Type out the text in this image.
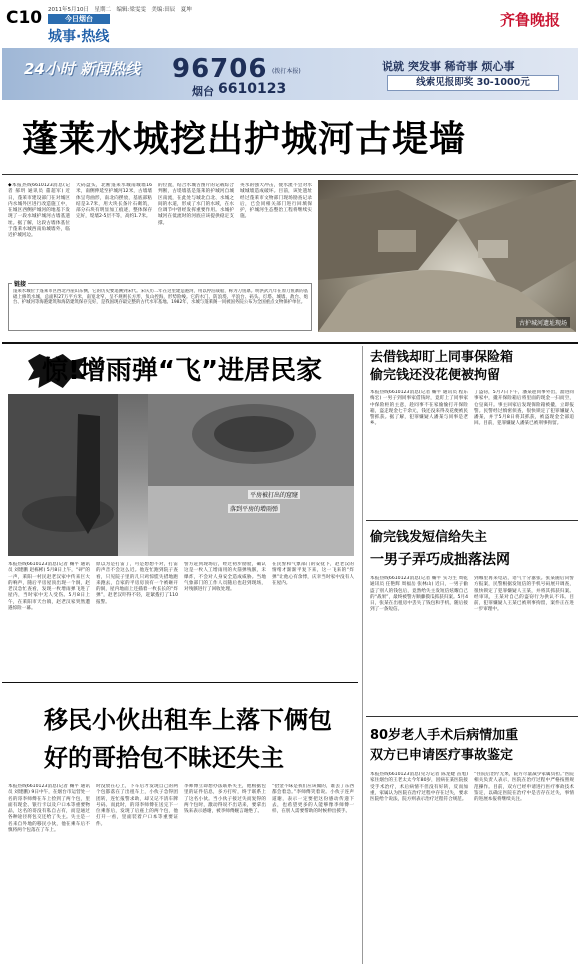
C10 2011年5月10日　星期二　编辑:梁雯雯　美编:田辰　夏坤
今日烟台
城事·热线
齐鲁晚报
24小时 新闻热线 96706 (拨打本报)
烟台 6610123
说就 突发事 稀奇事 烦心事
线索见报即奖 30-1000元
蓬莱水城挖出护城河古堤墙
◆本报热线6610123消息(记者 郝玥 通讯员 董超军) 近日，蓬莱市建设部门在对城区内水城外区进行改造施工中，在城区西侧护城河的地基下发现了一段水城护城河古墙基遗址。据了解，这段古墙体基位于蓬莱水城西南角城墙外，临近护城河边。
大码盘头，北断蓬莱水城南城墙16米，南侧伸延至护城河12米，古墙墙体呈弯曲形，南北向摆放，基底部粘结是3.7米，用大块长条片石砌筑，部分石块有明显加工痕迹，整体保存完好，堤墙2-5层不等，高约1.7米。
的位置，结合水城古图片的记载综合判断，古堤墙基是蓬莱的护城河自城区南流，在此处与城北自北、水城之间的水道，形成了水门的水域，在水位调节中曾经发挥重要作用。水城护城河在低流时的河底应该提供稳定支撑。
英水的强大冲击，使水流不会对水城城墙造成破坏。目前，该处遗址经过蓬莱市文物部门现场勘查记录后，已会同相关部门进行回填保护，护城河生态整治工程将继续实施。
链接
蓬莱水城位于蓬莱市区西北丹崖山东侧，它的历史要追溯到宋代。宋庆历二年在这里建造港湾，用以停泊战船，称为刀鱼寨。明洪武九年在原刀鱼寨的基础上修筑水城，总面积27万平方米，南宽北窄，呈不规则长方形，负山控海，形势险峻。它的水门、防浪堤、平浪台、码头、灯塔、城墙、敌台、炮台、护城河等海港建筑和海防建筑保存完好，是我国现存最完整的古代水军基地。1982年，水城与蓬莱阁一同被国务院公布为全国重点文物保护单位。
古护城河遗址现场
惊!增雨弹“飞”进居民家
平房被打出的窟窿
落到平房的增雨弹
本报热线6610123消息(记者 鞠平 通讯员 刘建鹏 赵栋彬) 5月8日上午，“砰”的一声，莱阳一村民赵老汉家中传来巨大的响声，随后平房屋顶出现一个洞，赵老汉急忙查看，发现一枚增雨弹飞进了屋内，当时家中无人受伤。5月8日上午，在莱阳市天台镇，赵老汉家突然遭遇惊险一幕。
原以为是打雷了，可是想想不对，打雷的声音不会这么近。他连忙跑到院子查看，只见院子里的几只鸡惊慌失措地跑来跑去，自家的平房房顶有一个被砸开的洞，屋内地面上还插着一枚长长的“炸弹”，赵老汉吓得不轻，赶紧拨打了110报警。
警方赶到现场后，经过初步勘验，确认这是一枚人工增雨用的火箭弹残骸，未爆炸，不会对人身安全造成威胁。当地气象部门的工作人员随后也赶到现场，对残骸进行了回收处理。
在民警和气象部门的安抚下，赵老汉的情绪才渐渐平复下来，这一飞来的“炸弹”让他心有余悸，庆幸当时家中没有人在屋内。
移民小伙出租车上落下俩包
好的哥拾包不昧还失主
本报热线6610123消息(记者 鞠平 通讯员 刘建鹏) 9日中午，在烟台市运营处一名的哥李师傅在车上捡到了两个包，里面有现金、银行卡以及户口本等重要物品，这名的哥没有私自占有，而是通过各种途径将包交还给了失主。失主是一名来自外地的移民小伙，他在乘车后不慎将两个包落在了车上。
时没放在心上，下车后才发现自己的两个包都落在了出租车上，小伙子急得团团转，连忙报警求助，却又记不清车牌号码。而此时，的哥李师傅在送完下一位乘客后，发现了后座上的两个包，他打开一看，里面装着户口本等重要证件。
李师傅立即想办法联系失主，他根据包里的证件信息，多方打听，终于联系上了这名小伙。当小伙子接过失而复得的两个包时，激动得说不出话来，要拿出钱来表示感谢，被李师傅婉言谢绝了。
“拾金不昧是我们应该做的，谁丢了东西都会着急。”李师傅笑着说。小伙子连声道谢，表示一定要把这份感动传递下去，也希望更多的人能够像李师傅一样，在别人需要帮助的时候伸出援手。
去借钱却盯上同事保险箱
偷完钱还没花便被拘留
本报热线6610123消息(记者 鞠平 通讯员 程东 梅宏) 一男子到同事家借钱时，竟盯上了同事家中保险柜的主意，趁同事不在家偷偷打开保险箱，盗走现金七千余元，钱还没来得及花便被民警抓获。据了解，犯罪嫌疑人潘某与同事是老乡。
了盗窃，5月7日下午，潘某趁同事外出，溜进同事家中，撬开保险箱后将里面的现金一扫而空，仓皇离开。事主回家后发现保险箱被撬，立即报警。民警经过缜密侦查，很快锁定了犯罪嫌疑人潘某，并于5月8日将其抓获，被盗现金全部追回。目前，犯罪嫌疑人潘某已被刑事拘留。
偷完钱发短信给失主
一男子弄巧成拙落法网
本报热线6610123消息(记者 鞠平 实习生 周乾 通讯员 任艳辉 周福岳 张林山) 近日，一男子偷盗了别人的钱包后，竟然给失主发短信炫耀自己的“战果”，最终被警方顺藤摸瓜抓获归案。5月4日，张某在出租房中丢失了钱包和手机，随后接到了一条短信。
到哪里再来电话，语气十分嚣张。张某随后向警方报案，民警根据发短信的手机号码展开调查，很快锁定了犯罪嫌疑人王某，并将其抓获归案。经审讯，王某对自己的盗窃行为供认不讳。目前，犯罪嫌疑人王某已被刑事拘留，案件正在进一步审理中。
80岁老人手术后病情加重
双方已申请医疗事故鉴定
本报热线6610123消息(见习记者 陈龙婕 苗旭) 家住烟台的王老太太今年80岁，因病在某医院接受手术治疗，术后病情不但没有好转，反而加重，家属认为医院在治疗过程中存在过失，要求医院给个说法，院方则表示治疗过程符合规范。
“住院后治疗无果，院方尽量减少家属负担。”医院相关负责人表示，医院在治疗过程中严格按照规范操作。目前，双方已经申请进行医疗事故技术鉴定，以确定医院在治疗中是否存在过失，事情的进展本报将继续关注。
